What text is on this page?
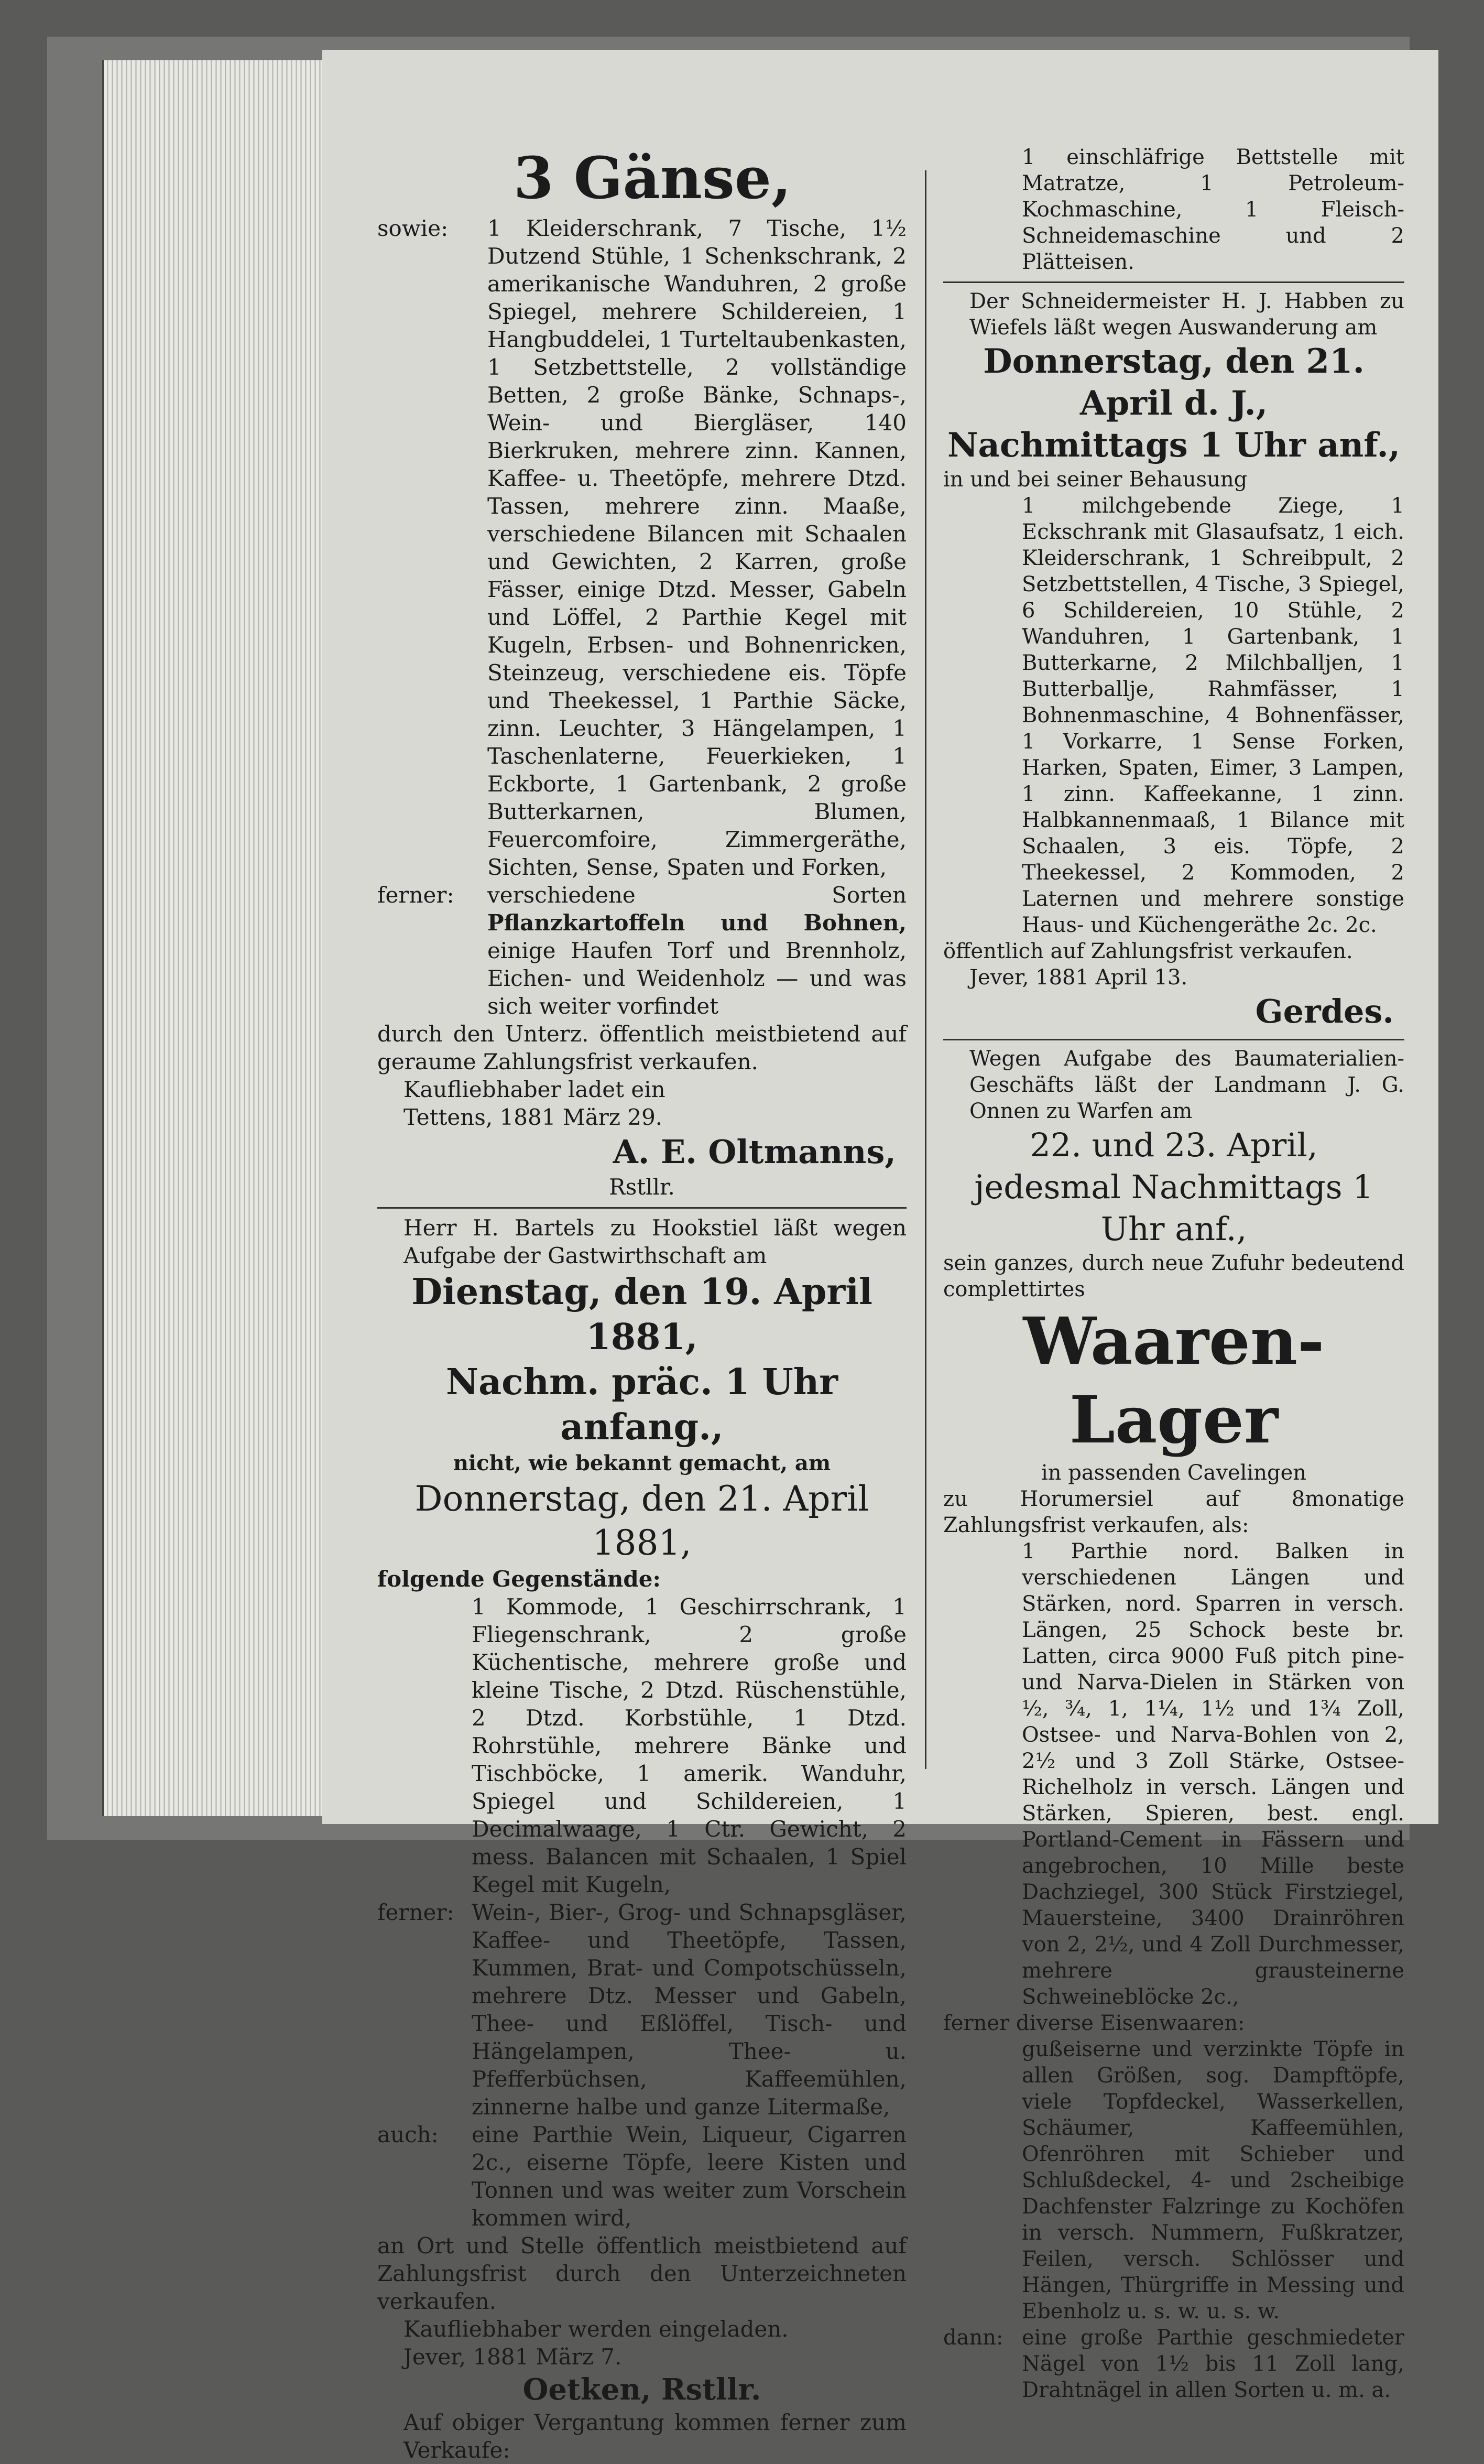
3 Gänse,
sowie:	1 Kleiderschrank, 7 Tische, 1½ Dutzend Stühle, 1 Schenkschrank, 2 amerikanische Wanduhren, 2 große Spiegel, mehrere Schildereien, 1 Hangbuddelei, 1 Turteltaubenkasten, 1 Setzbettstelle, 2 vollständige Betten, 2 große Bänke, Schnaps-, Wein- und Biergläser, 140 Bierkruken, mehrere zinn. Kannen, Kaffee- u. Theetöpfe, mehrere Dtzd. Tassen, mehrere zinn. Maaße, verschiedene Bilancen mit Schaalen und Gewichten, 2 Karren, große Fässer, einige Dtzd. Messer, Gabeln und Löffel, 2 Parthie Kegel mit Kugeln, Erbsen- und Bohnenricken, Steinzeug, verschiedene eis. Töpfe und Theekessel, 1 Parthie Säcke, zinn. Leuchter, 3 Hängelampen, 1 Taschenlaterne, Feuerkieken, 1 Eckborte, 1 Gartenbank, 2 große Butterkarnen, Blumen, Feuercomfoire, Zimmergeräthe, Sichten, Sense, Spaten und Forken,
ferner:	verschiedene Sorten Pflanzkartoffeln und Bohnen, einige Haufen Torf und Brennholz, Eichen- und Weidenholz — und was sich weiter vorfindet
durch den Unterz. öffentlich meistbietend auf geraume Zahlungsfrist verkaufen.
Kaufliebhaber ladet ein
Tettens, 1881 März 29.
A. E. Oltmanns,
Rstllr.
Herr H. Bartels zu Hookstiel läßt wegen Aufgabe der Gastwirthschaft am
Dienstag, den 19. April 1881,
Nachm. präc. 1 Uhr anfang.,
nicht, wie bekannt gemacht, am
Donnerstag, den 21. April 1881,
folgende Gegenstände:
1 Kommode, 1 Geschirrschrank, 1 Fliegenschrank, 2 große Küchentische, mehrere große und kleine Tische, 2 Dtzd. Rüschenstühle, 2 Dtzd. Korbstühle, 1 Dtzd. Rohrstühle, mehrere Bänke und Tischböcke, 1 amerik. Wanduhr, Spiegel und Schildereien, 1 Decimalwaage, 1 Ctr. Gewicht, 2 mess. Balancen mit Schaalen, 1 Spiel Kegel mit Kugeln,
ferner: Wein-, Bier-, Grog- und Schnapsgläser, Kaffee- und Theetöpfe, Tassen, Kummen, Brat- und Compotschüsseln, mehrere Dtz. Messer und Gabeln, Thee- und Eßlöffel, Tisch- und Hängelampen, Thee- u. Pfefferbüchsen, Kaffeemühlen, zinnerne halbe und ganze Litermaße,
auch:	eine Parthie Wein, Liqueur, Cigarren 2c., eiserne Töpfe, leere Kisten und Tonnen und was weiter zum Vorschein kommen wird,
an Ort und Stelle öffentlich meistbietend auf Zahlungsfrist durch den Unterzeichneten verkaufen.
Kaufliebhaber werden eingeladen.
Jever, 1881 März 7.
Oetken, Rstllr.
Auf obiger Vergantung kommen ferner zum Verkaufe:
1 einschläfrige Bettstelle mit Matratze, 1 Petroleum-Kochmaschine, 1 Fleisch-Schneidemaschine und 2 Plätteisen.
Der Schneidermeister H. J. Habben zu Wiefels läßt wegen Auswanderung am
Donnerstag, den 21. April d. J.,
Nachmittags 1 Uhr anf.,
in und bei seiner Behausung
1 milchgebende Ziege, 1 Eckschrank mit Glasaufsatz, 1 eich. Kleiderschrank, 1 Schreibpult, 2 Setzbettstellen, 4 Tische, 3 Spiegel, 6 Schildereien, 10 Stühle, 2 Wanduhren, 1 Gartenbank, 1 Butterkarne, 2 Milchballjen, 1 Butterballje, Rahmfässer, 1 Bohnenmaschine, 4 Bohnenfässer, 1 Vorkarre, 1 Sense Forken, Harken, Spaten, Eimer, 3 Lampen, 1 zinn. Kaffeekanne, 1 zinn. Halbkannenmaaß, 1 Bilance mit Schaalen, 3 eis. Töpfe, 2 Theekessel, 2 Kommoden, 2 Laternen und mehrere sonstige Haus- und Küchengeräthe 2c. 2c.
öffentlich auf Zahlungsfrist verkaufen.
Jever, 1881 April 13.
Gerdes.
Wegen Aufgabe des Baumaterialien-Geschäfts läßt der Landmann J. G. Onnen zu Warfen am
22. und 23. April,
jedesmal Nachmittags 1 Uhr anf.,
sein ganzes, durch neue Zufuhr bedeutend complettirtes
Waaren-Lager
in passenden Cavelingen
zu Horumersiel auf 8monatige Zahlungsfrist verkaufen, als:
1 Parthie nord. Balken in verschiedenen Längen und Stärken, nord. Sparren in versch. Längen, 25 Schock beste br. Latten, circa 9000 Fuß pitch pine- und Narva-Dielen in Stärken von ½, ¾, 1, 1¼, 1½ und 1¾ Zoll, Ostsee- und Narva-Bohlen von 2, 2½ und 3 Zoll Stärke, Ostsee-Richelholz in versch. Längen und Stärken, Spieren, best. engl. Portland-Cement in Fässern und angebrochen, 10 Mille beste Dachziegel, 300 Stück Firstziegel, Mauersteine, 3400 Drainröhren von 2, 2½, und 4 Zoll Durchmesser, mehrere grausteinerne Schweineblöcke 2c.,
ferner diverse Eisenwaaren:
gußeiserne und verzinkte Töpfe in allen Größen, sog. Dampftöpfe, viele Topfdeckel, Wasserkellen, Schäumer, Kaffeemühlen, Ofenröhren mit Schieber und Schlußdeckel, 4- und 2scheibige Dachfenster Falzringe zu Kochöfen in versch. Nummern, Fußkratzer, Feilen, versch. Schlösser und Hängen, Thürgriffe in Messing und Ebenholz u. s. w. u. s. w.
dann: eine große Parthie geschmiedeter Nägel von 1½ bis 11 Zoll lang, Drahtnägel in allen Sorten u. m. a.
